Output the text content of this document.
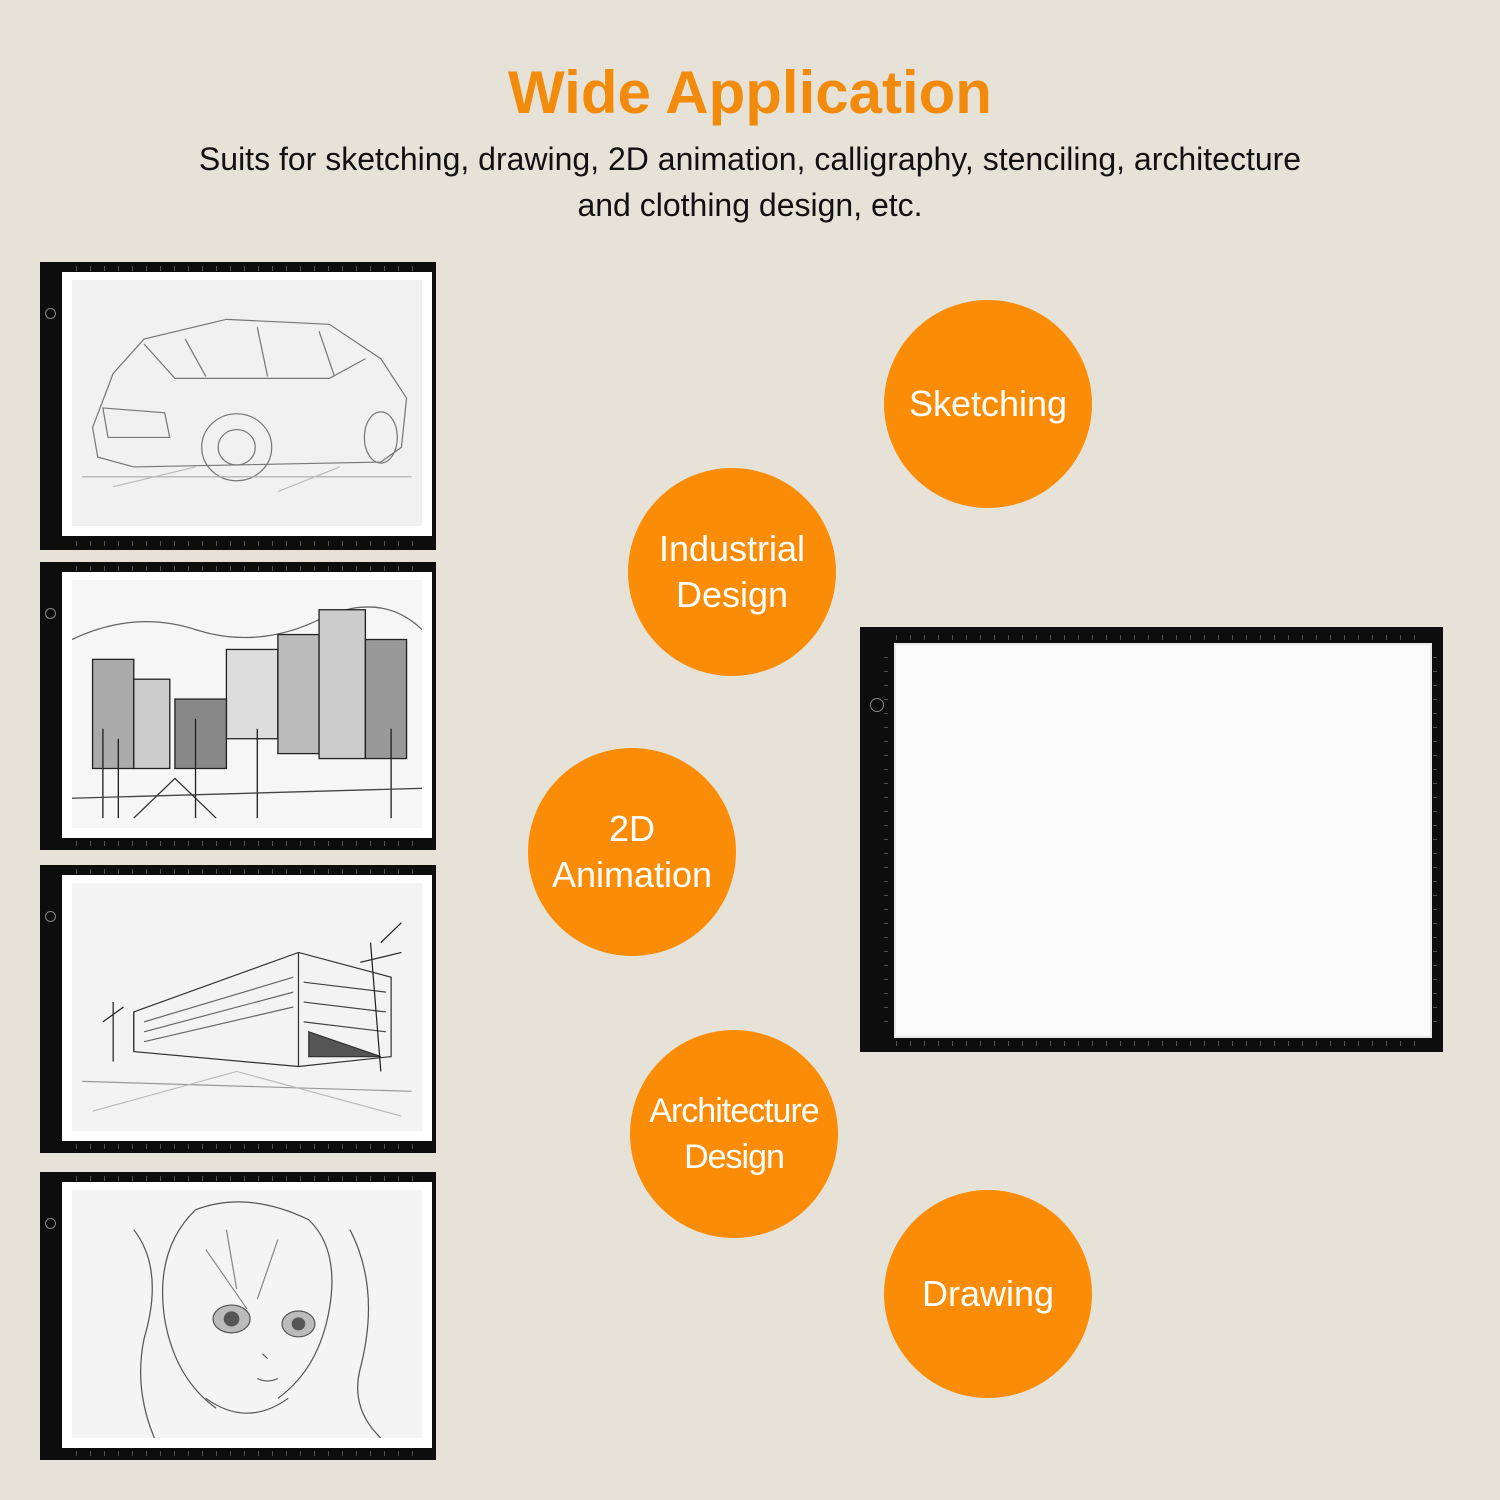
Wide Application
Suits for sketching, drawing, 2D animation, calligraphy, stenciling, architecture
and clothing design, etc.
Sketching
Industrial
Design
2D
Animation
Architecture
Design
Drawing
